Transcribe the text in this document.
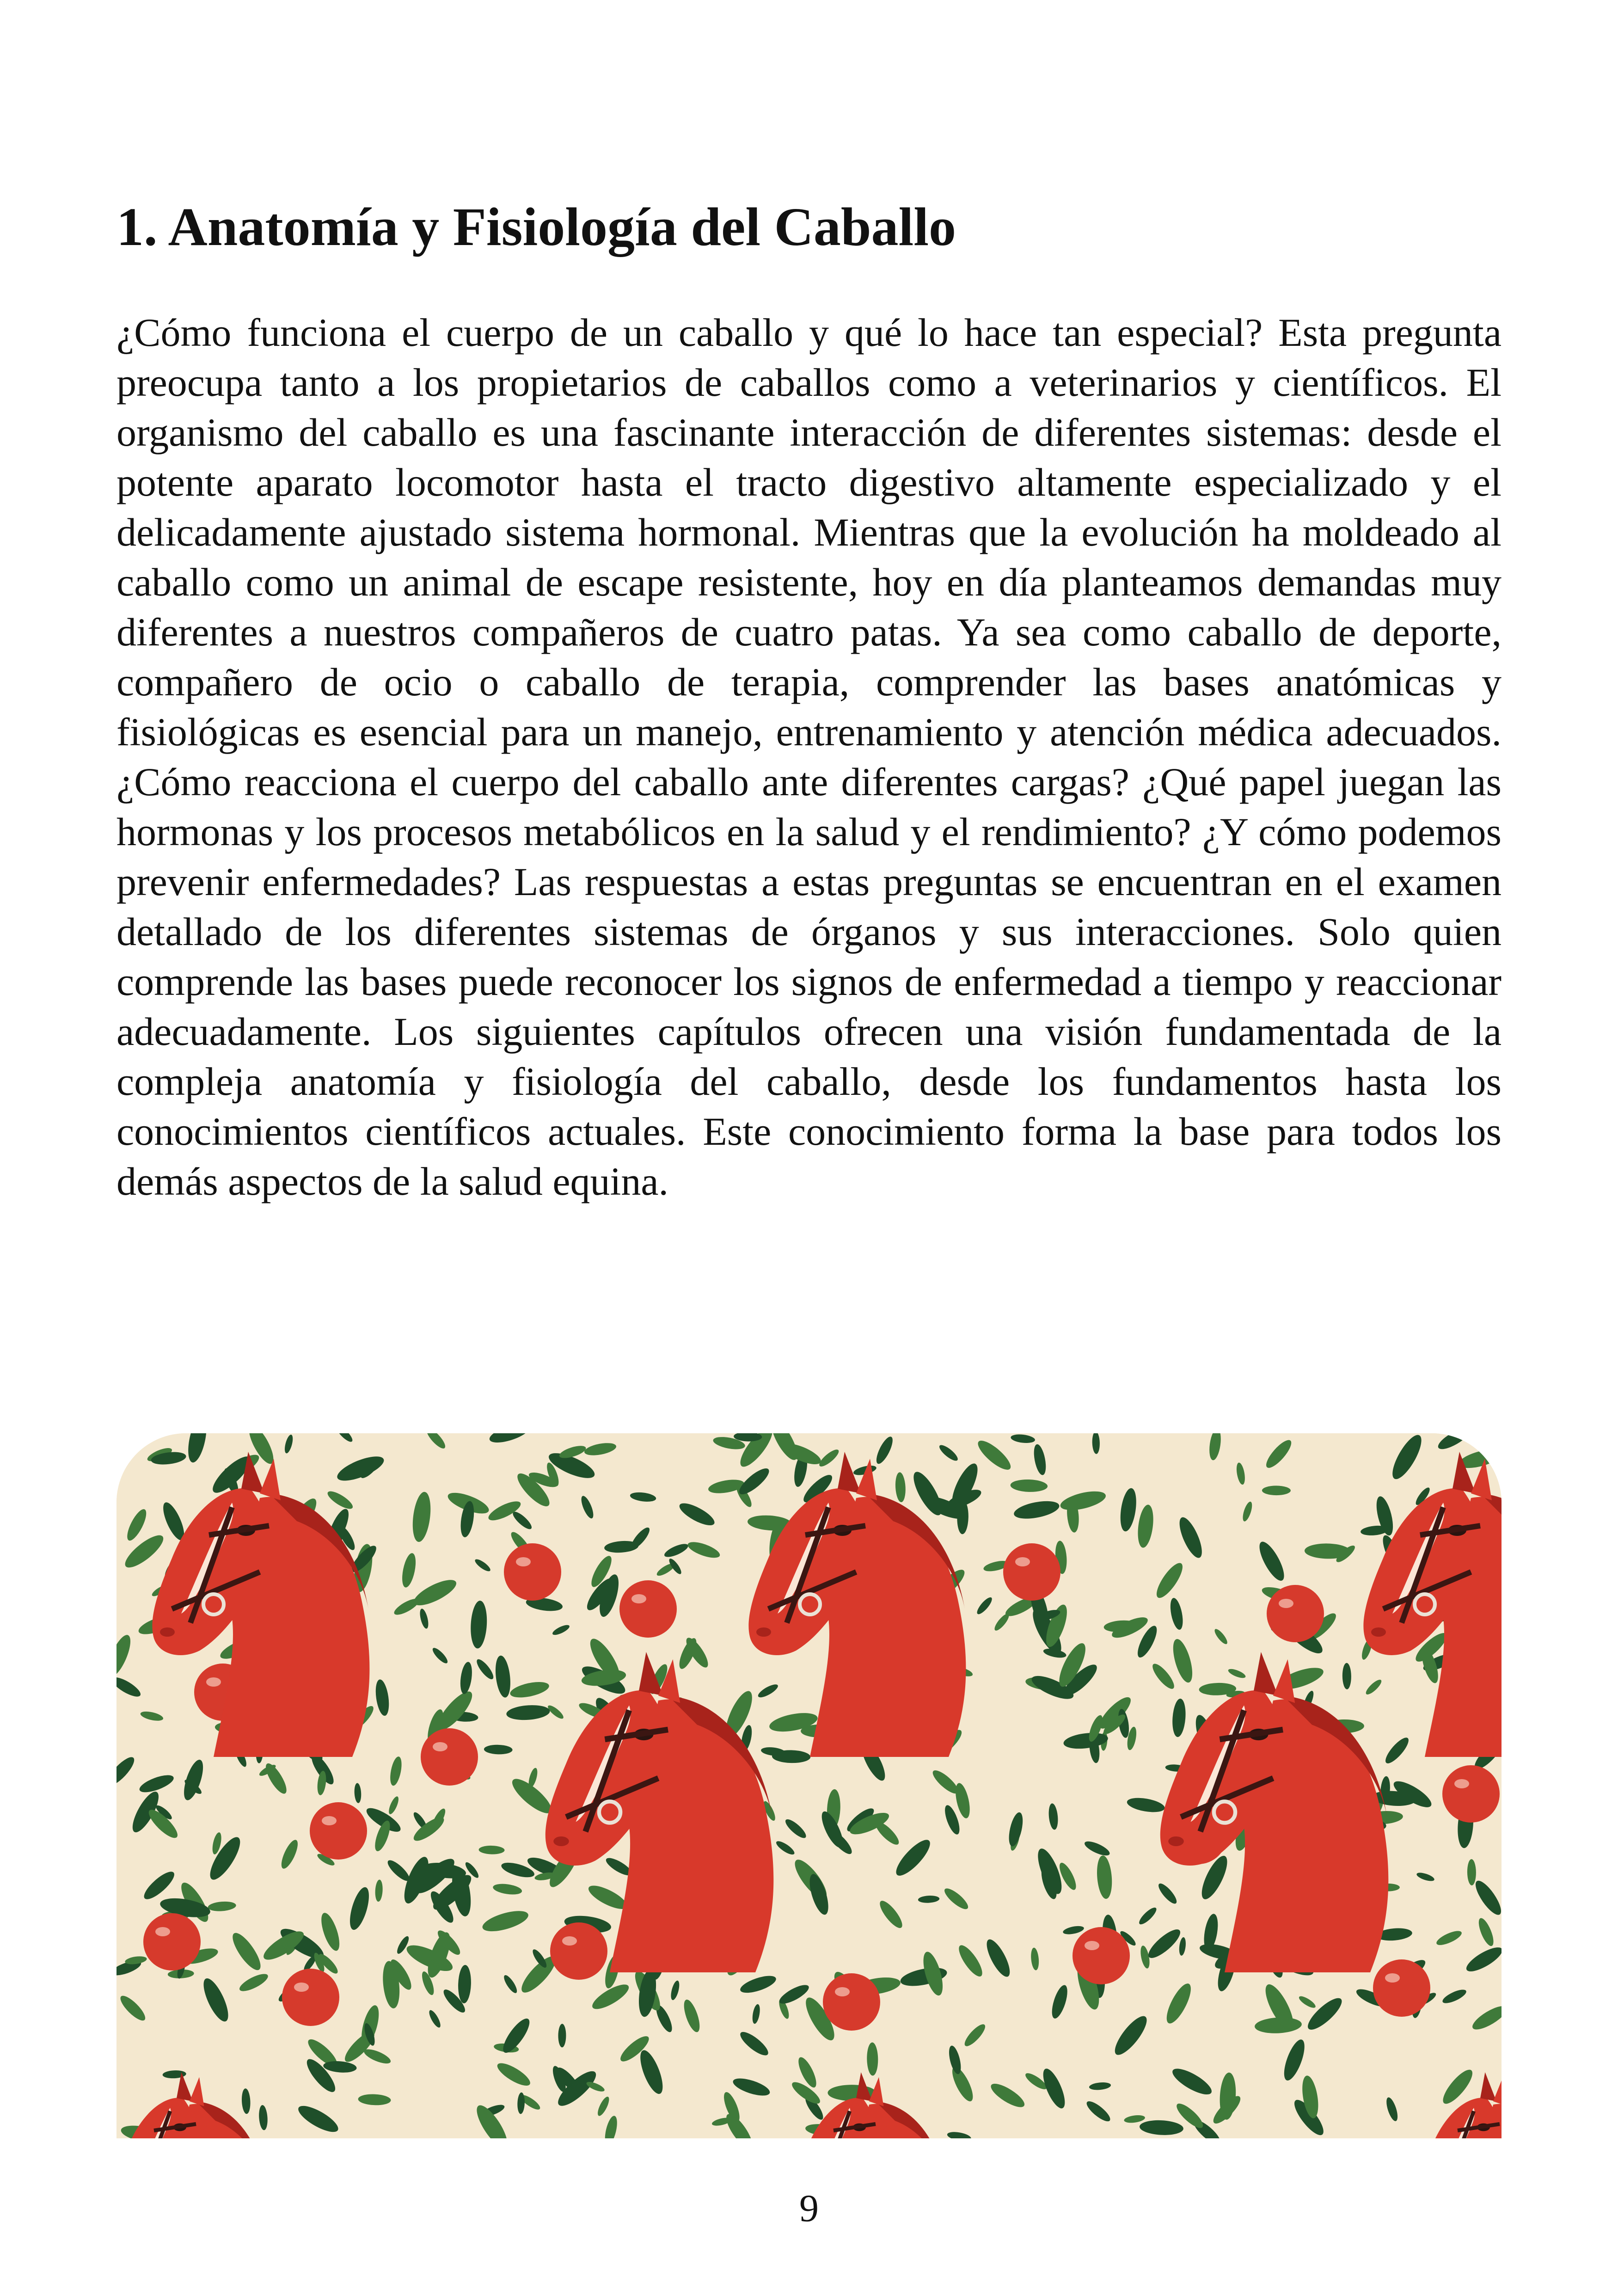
1. Anatomía y Fisiología del Caballo

¿Cómo funciona el cuerpo de un caballo y qué lo hace tan especial? Esta pregunta preocupa tanto a los propietarios de caballos como a veterinarios y científicos. El organismo del caballo es una fascinante interacción de diferentes sistemas: desde el potente aparato locomotor hasta el tracto digestivo altamente especializado y el delicadamente ajustado sistema hormonal. Mientras que la evolución ha moldeado al caballo como un animal de escape resistente, hoy en día planteamos demandas muy diferentes a nuestros compañeros de cuatro patas. Ya sea como caballo de deporte, compañero de ocio o caballo de terapia, comprender las bases anatómicas y fisiológicas es esencial para un manejo, entrenamiento y atención médica adecuados. ¿Cómo reacciona el cuerpo del caballo ante diferentes cargas? ¿Qué papel juegan las hormonas y los procesos metabólicos en la salud y el rendimiento? ¿Y cómo podemos prevenir enfermedades? Las respuestas a estas preguntas se encuentran en el examen detallado de los diferentes sistemas de órganos y sus interacciones. Solo quien comprende las bases puede reconocer los signos de enfermedad a tiempo y reaccionar adecuadamente. Los siguientes capítulos ofrecen una visión fundamentada de la compleja anatomía y fisiología del caballo, desde los fundamentos hasta los conocimientos científicos actuales. Este conocimiento forma la base para todos los demás aspectos de la salud equina.

9
